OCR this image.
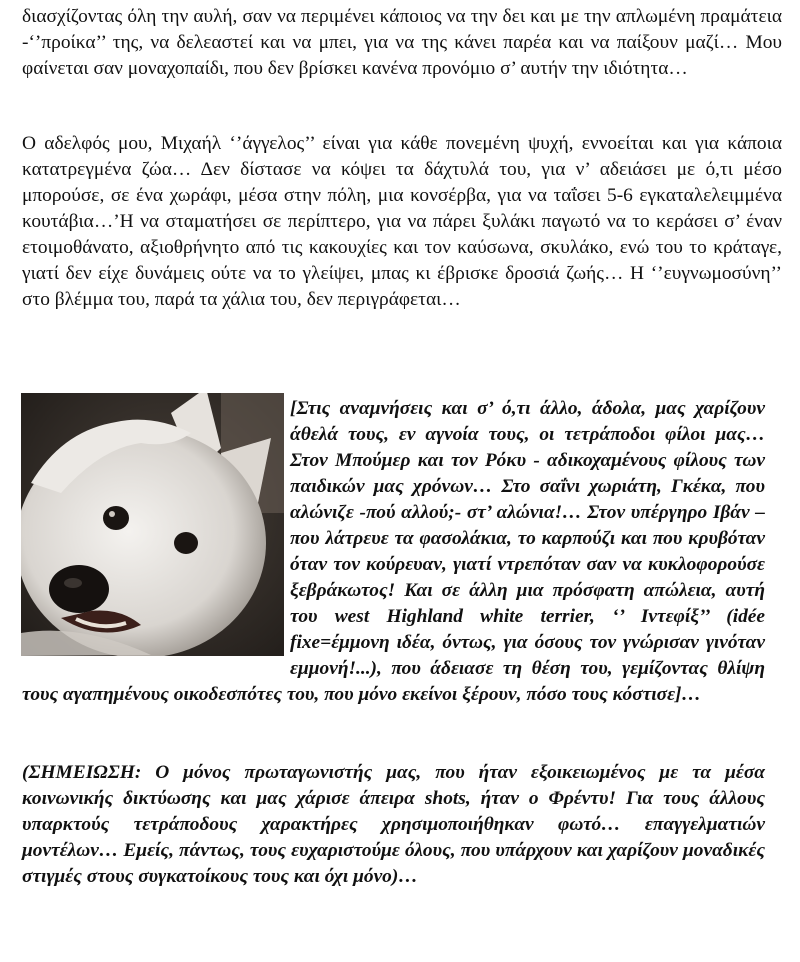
διασχίζοντας όλη την αυλή, σαν να περιμένει κάποιος να την δει και με την απλωμένη πραμάτεια -‘’προίκα’’ της, να δελεαστεί και να μπει, για να της κάνει παρέα και να παίξουν μαζί… Μου φαίνεται σαν μοναχοπαίδι, που δεν βρίσκει κανένα προνόμιο σ’ αυτήν την ιδιότητα…

Ο αδελφός μου, Μιχαήλ ‘’άγγελος’’ είναι για κάθε πονεμένη ψυχή, εννοείται και για κάποια κατατρεγμένα ζώα… Δεν δίστασε να κόψει τα δάχτυλά του, για ν’ αδειάσει με ό,τι μέσο μπορούσε, σε ένα χωράφι, μέσα στην πόλη, μια κονσέρβα, για να ταΐσει 5-6 εγκαταλελειμμένα κουτάβια…’Η να σταματήσει σε περίπτερο, για να πάρει ξυλάκι παγωτό να το κεράσει σ’ έναν ετοιμοθάνατο, αξιοθρήνητο από τις κακουχίες και τον καύσωνα, σκυλάκο, ενώ του το κράταγε, γιατί δεν είχε δυνάμεις ούτε να το γλείψει, μπας κι έβρισκε δροσιά ζωής… Η ‘’ευγνωμοσύνη’’ στο βλέμμα του, παρά τα χάλια του, δεν περιγράφεται…

[Στις αναμνήσεις και σ’ ό,τι άλλο, άδολα, μας χαρίζουν άθελά τους, εν αγνοία τους, οι τετράποδοι φίλοι μας… Στον Μπούμερ και τον Ρόκυ - αδικοχαμένους φίλους των παιδικών μας χρόνων… Στο σαΐνι χωριάτη, Γκέκα, που αλώνιζε -πού αλλού;- στ’ αλώνια!… Στον υπέργηρο Ιβάν – που λάτρευε τα φασολάκια, το καρπούζι και που κρυβόταν όταν τον κούρευαν, γιατί ντρεπόταν σαν να κυκλοφορούσε ξεβράκωτος! Και σε άλλη μια πρόσφατη απώλεια, αυτή του west Highland white terrier, ‘’ Ιντεφίξ’’ (idée fixe=έμμονη ιδέα, όντως, για όσους τον γνώρισαν γινόταν εμμονή!...), που άδειασε τη θέση του, γεμίζοντας θλίψη τους αγαπημένους οικοδεσπότες του, που μόνο εκείνοι ξέρουν, πόσο τους κόστισε]…

(ΣΗΜΕΙΩΣΗ: Ο μόνος πρωταγωνιστής μας, που ήταν εξοικειωμένος με τα μέσα κοινωνικής δικτύωσης και μας χάρισε άπειρα shots, ήταν ο Φρέντυ! Για τους άλλους υπαρκτούς τετράποδους χαρακτήρες χρησιμοποιήθηκαν φωτό… επαγγελματιών μοντέλων… Εμείς, πάντως, τους ευχαριστούμε όλους, που υπάρχουν και χαρίζουν μοναδικές στιγμές στους συγκατοίκους τους και όχι μόνο)…
